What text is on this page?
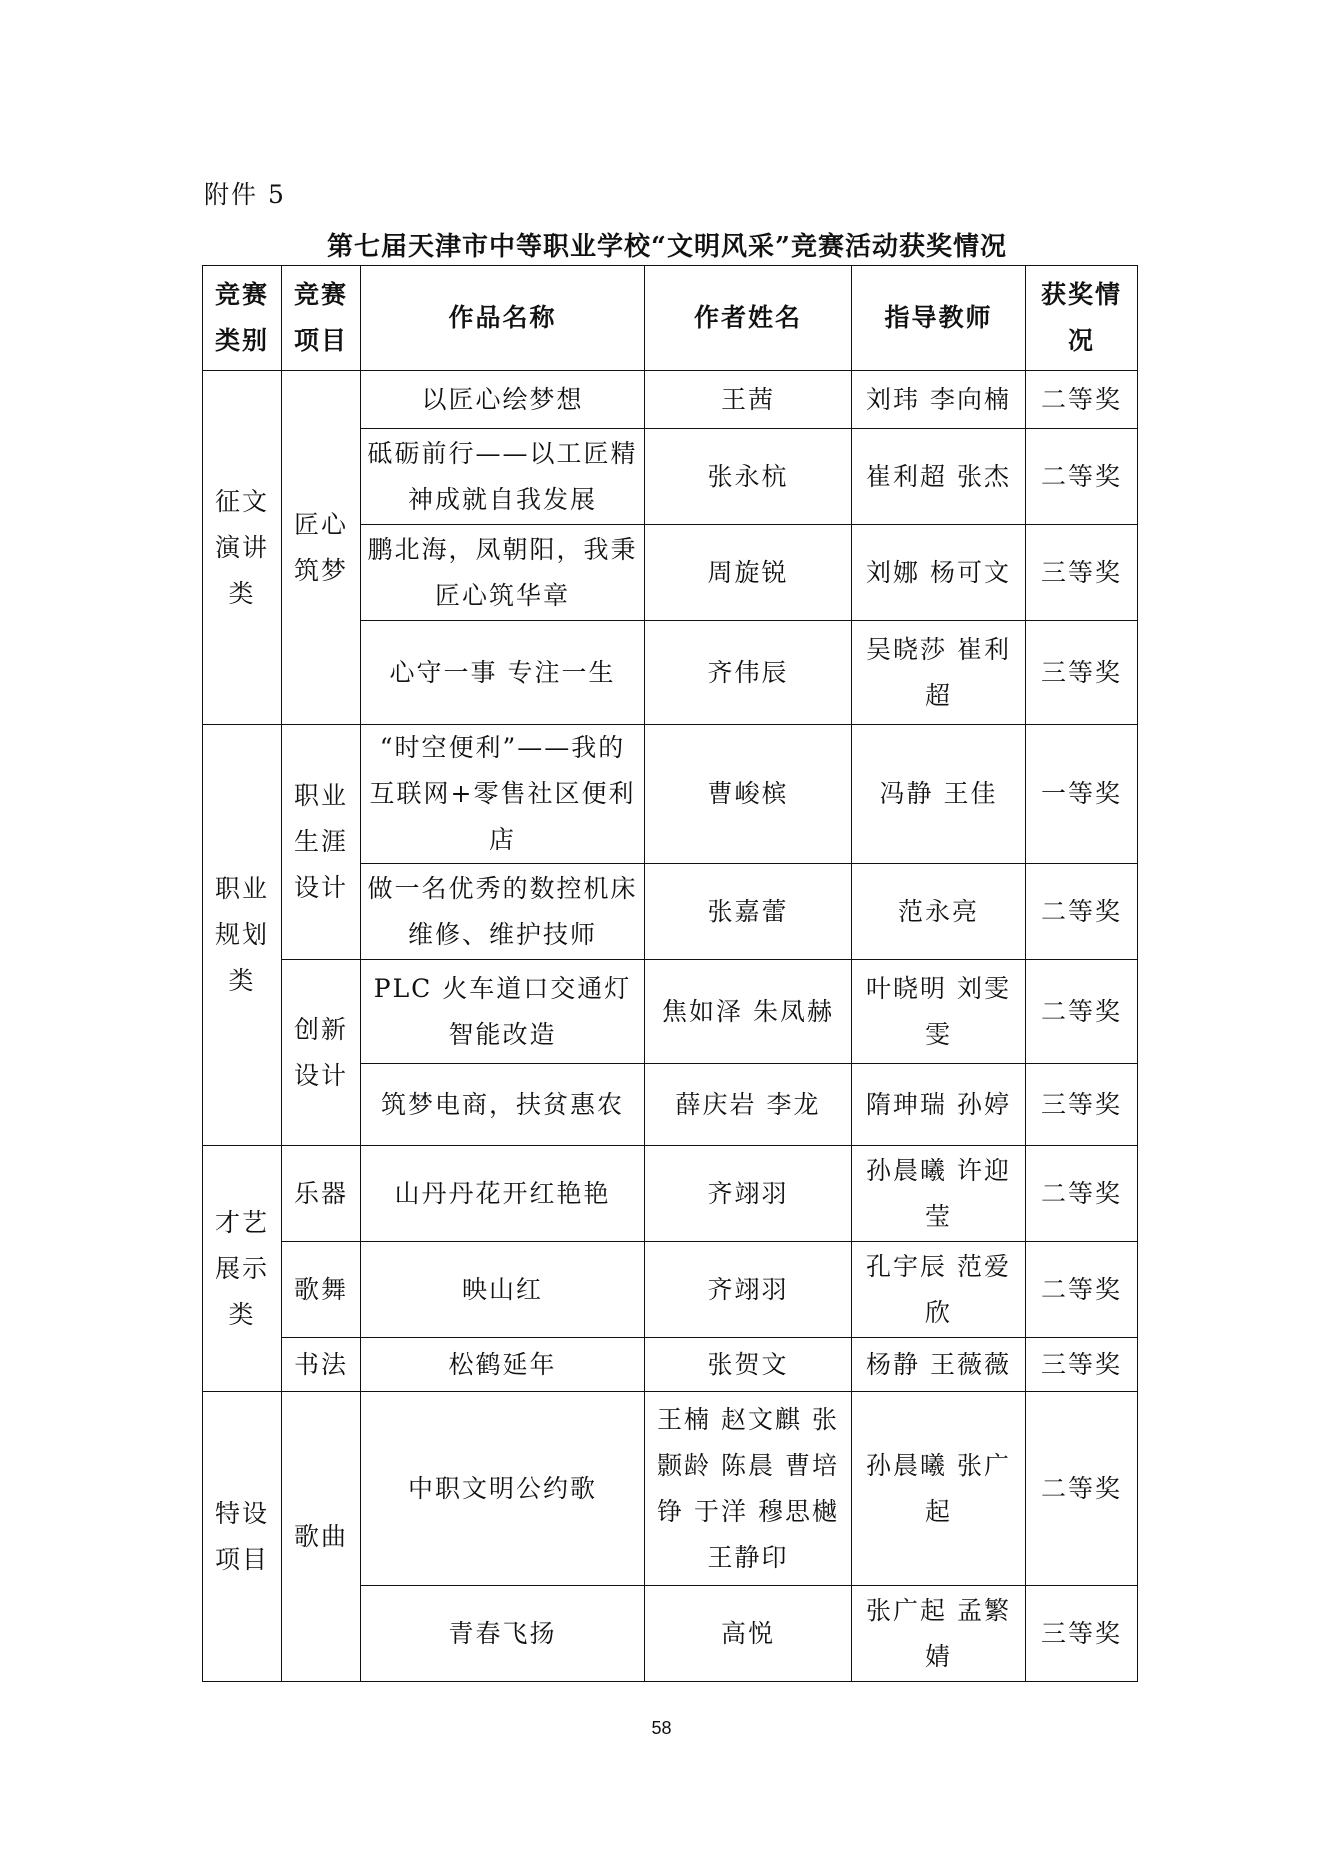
附件 5
第七届天津市中等职业学校“文明风采”竞赛活动获奖情况
竞赛类别	竞赛项目	作品名称	作者姓名	指导教师	获奖情况
征文演讲类	匠心筑梦	以匠心绘梦想	王茜	刘玮 李向楠	二等奖
		砥砺前行——以工匠精神成就自我发展	张永杭	崔利超 张杰	二等奖
		鹏北海，凤朝阳，我秉匠心筑华章	周旋锐	刘娜 杨可文	三等奖
		心守一事 专注一生	齐伟辰	吴晓莎 崔利超	三等奖
职业规划类	职业生涯设计	“时空便利”——我的互联网+零售社区便利店	曹峻槟	冯静 王佳	一等奖
		做一名优秀的数控机床维修、维护技师	张嘉蕾	范永亮	二等奖
	创新设计	PLC 火车道口交通灯智能改造	焦如泽 朱凤赫	叶晓明 刘雯雯	二等奖
		筑梦电商，扶贫惠农	薛庆岩 李龙	隋珅瑞 孙婷	三等奖
才艺展示类	乐器	山丹丹花开红艳艳	齐翊羽	孙晨曦 许迎莹	二等奖
	歌舞	映山红	齐翊羽	孔宇辰 范爱欣	二等奖
	书法	松鹤延年	张贺文	杨静 王薇薇	三等奖
特设项目	歌曲	中职文明公约歌	王楠 赵文麒 张颢龄 陈晨 曹培铮 于洋 穆思樾 王静印	孙晨曦 张广起	二等奖
		青春飞扬	高悦	张广起 孟繁婧	三等奖
58
